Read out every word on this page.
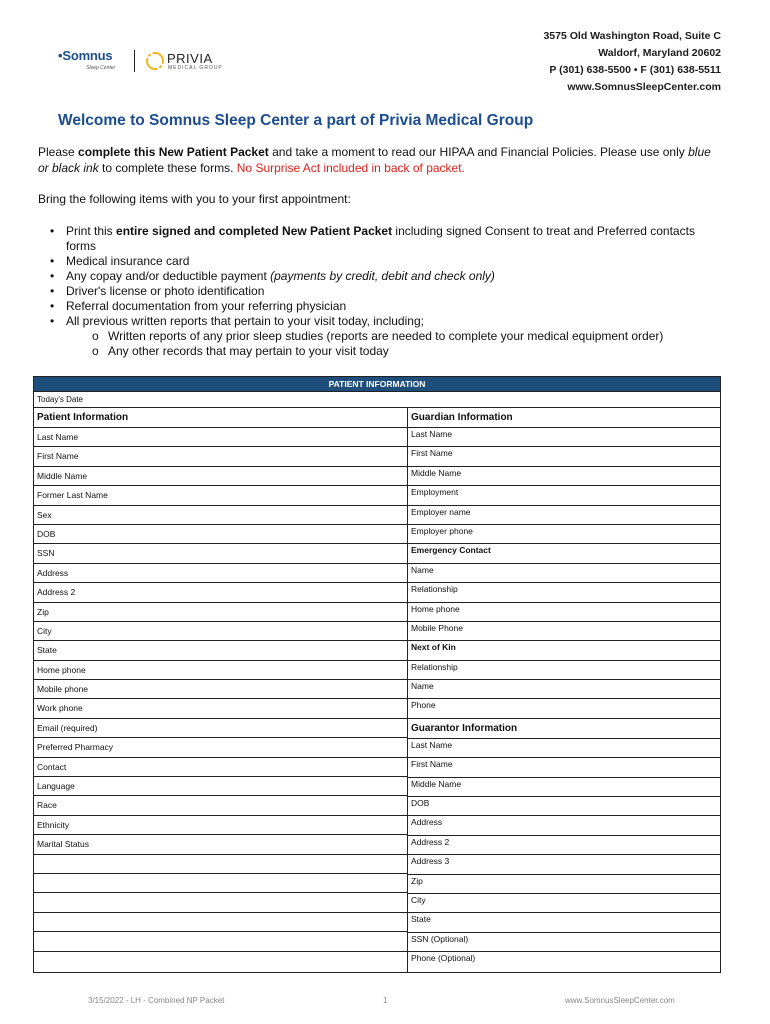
•Somnus
Sleep Center
PRIVIA
MEDICAL GROUP
3575 Old Washington Road, Suite C
Waldorf, Maryland 20602
P (301) 638-5500 • F (301) 638-5511
www.SomnusSleepCenter.com
Welcome to Somnus Sleep Center a part of Privia Medical Group
Please complete this New Patient Packet and take a moment to read our HIPAA and Financial Policies. Please use only blue or black ink to complete these forms. No Surprise Act included in back of packet.
Bring the following items with you to your first appointment:
• Print this entire signed and completed New Patient Packet including signed Consent to treat and Preferred contacts forms
• Medical insurance card
• Any copay and/or deductible payment (payments by credit, debit and check only)
• Driver's license or photo identification
• Referral documentation from your referring physician
• All previous written reports that pertain to your visit today, including;
o Written reports of any prior sleep studies (reports are needed to complete your medical equipment order)
o Any other records that may pertain to your visit today
PATIENT INFORMATION
Today's Date
Patient Information
Last Name
First Name
Middle Name
Former Last Name
Sex
DOB
SSN
Address
Address 2
Zip
City
State
Home phone
Mobile phone
Work phone
Email (required)
Preferred Pharmacy
Contact
Language
Race
Ethnicity
Marital Status
Guardian Information
Last Name
First Name
Middle Name
Employment
Employer name
Employer phone
Emergency Contact
Name
Relationship
Home phone
Mobile Phone
Next of Kin
Relationship
Name
Phone
Guarantor Information
Last Name
First Name
Middle Name
DOB
Address
Address 2
Address 3
Zip
City
State
SSN (Optional)
Phone (Optional)
3/15/2022 - LH - Combined NP Packet	1	www.SomnusSleepCenter.com
